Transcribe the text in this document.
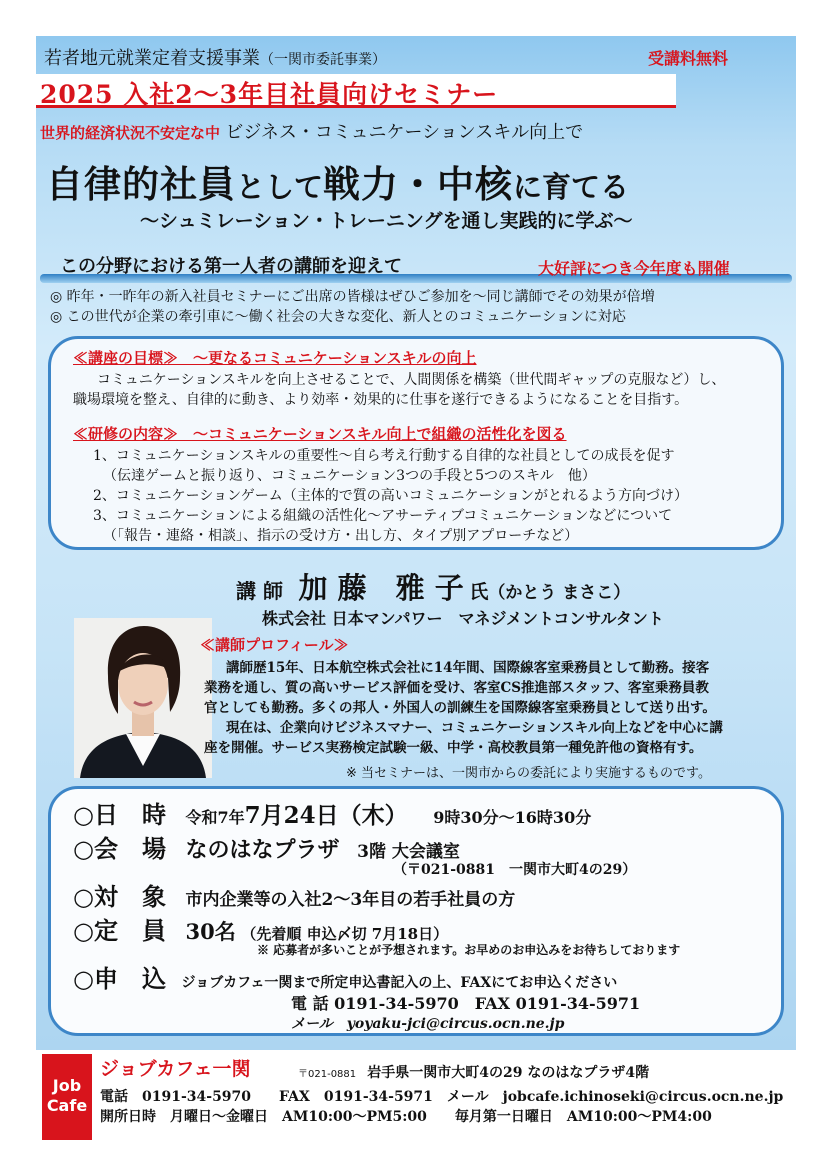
若者地元就業定着支援事業（一関市委託事業）	受講料無料
2025 入社2～3年目社員向けセミナー
世界的経済状況不安定な中 ビジネス・コミュニケーションスキル向上で
自律的社員として戦力・中核に育てる
～シュミレーション・トレーニングを通し実践的に学ぶ～
この分野における第一人者の講師を迎えて	大好評につき今年度も開催
◎ 昨年・一昨年の新入社員セミナーにご出席の皆様はぜひご参加を～同じ講師でその効果が倍増
◎ この世代が企業の牽引車に～働く社会の大きな変化、新人とのコミュニケーションに対応
≪講座の目標≫　～更なるコミュニケーションスキルの向上
コミュニケーションスキルを向上させることで、人間関係を構築（世代間ギャップの克服など）し、
職場環境を整え、自律的に動き、より効率・効果的に仕事を遂行できるようになることを目指す。
≪研修の内容≫　～コミュニケーションスキル向上で組織の活性化を図る
1、コミュニケーションスキルの重要性～自ら考え行動する自律的な社員としての成長を促す
（伝達ゲームと振り返り、コミュニケーション3つの手段と5つのスキル　他）
2、コミュニケーションゲーム（主体的で質の高いコミュニケーションがとれるよう方向づけ）
3、コミュニケーションによる組織の活性化～アサーティブコミュニケーションなどについて
（「報告・連絡・相談」、指示の受け方・出し方、タイプ別アプローチなど）
講 師 加 藤　雅 子 氏（かとう まさこ）
株式会社 日本マンパワー　マネジメントコンサルタント
≪講師プロフィール≫
講師歴15年、日本航空株式会社に14年間、国際線客室乗務員として勤務。接客
業務を通し、質の高いサービス評価を受け、客室CS推進部スタッフ、客室乗務員教
官としても勤務。多くの邦人・外国人の訓練生を国際線客室乗務員として送り出す。
現在は、企業向けビジネスマナー、コミュニケーションスキル向上などを中心に講
座を開催。サービス実務検定試験一級、中学・高校教員第一種免許他の資格有す。
※ 当セミナーは、一関市からの委託により実施するものです。
○日　時 令和7年7月24日（木） 9時30分～16時30分
○会　場 なのはなプラザ 3階 大会議室
（〒021-0881　一関市大町4の29）
○対　象 市内企業等の入社2～3年目の若手社員の方
○定　員 30名 （先着順 申込〆切 7月18日）
※ 応募者が多いことが予想されます。お早めのお申込みをお待ちしております
○申　込 ジョブカフェ一関まで所定申込書記入の上、FAXにてお申込ください
電 話 0191-34-5970　FAX 0191-34-5971
メール　yoyaku-jci@circus.ocn.ne.jp
Job
Cafe
ジョブカフェ一関	〒021-0881 岩手県一関市大町4の29 なのはなプラザ4階
電話　0191-34-5970　　FAX　0191-34-5971　メール　jobcafe.ichinoseki@circus.ocn.ne.jp
開所日時　月曜日～金曜日　AM10:00～PM5:00　　毎月第一日曜日　AM10:00～PM4:00
